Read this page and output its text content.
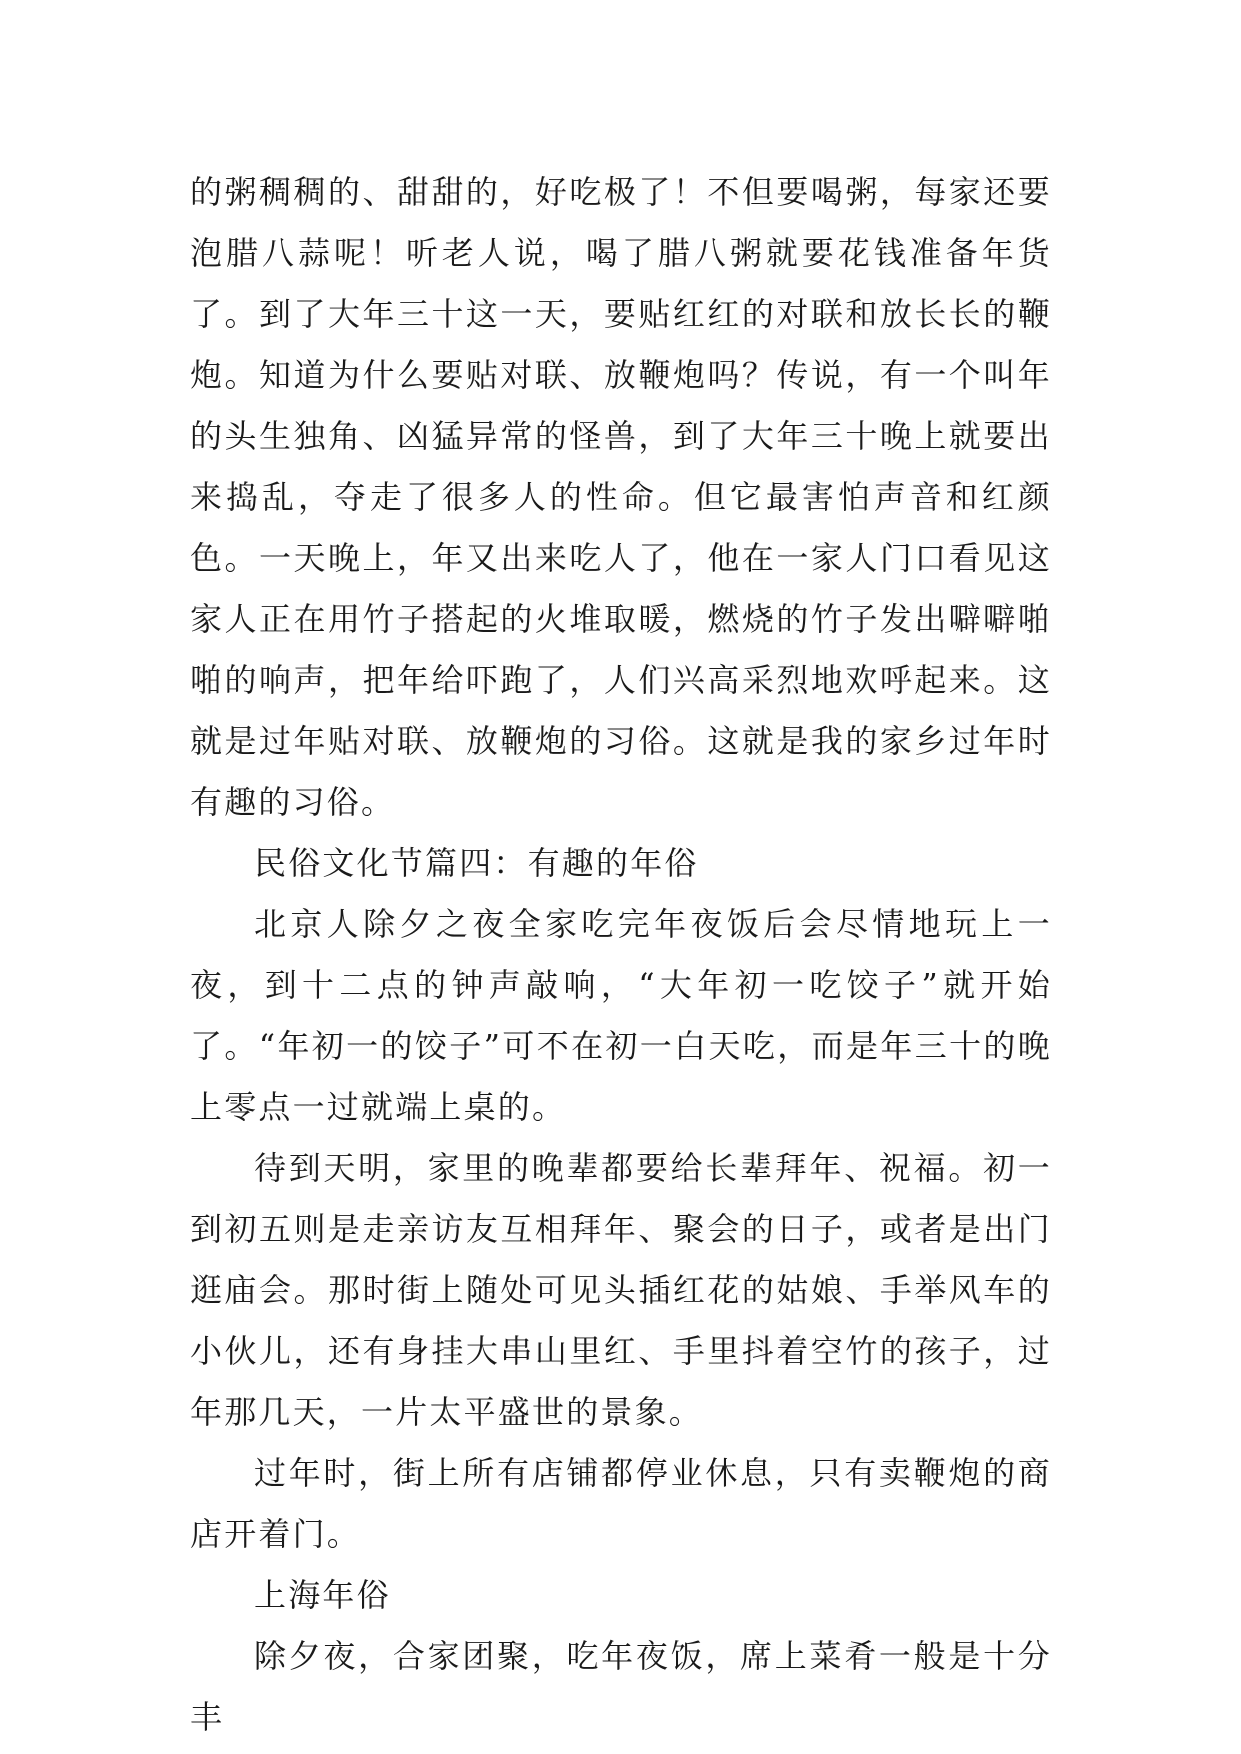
的粥稠稠的、甜甜的，好吃极了！不但要喝粥，每家还要泡腊八蒜呢！听老人说，喝了腊八粥就要花钱准备年货了。到了大年三十这一天，要贴红红的对联和放长长的鞭炮。知道为什么要贴对联、放鞭炮吗？传说，有一个叫年的头生独角、凶猛异常的怪兽，到了大年三十晚上就要出来捣乱，夺走了很多人的性命。但它最害怕声音和红颜色。一天晚上，年又出来吃人了，他在一家人门口看见这家人正在用竹子搭起的火堆取暖，燃烧的竹子发出噼噼啪啪的响声，把年给吓跑了，人们兴高采烈地欢呼起来。这就是过年贴对联、放鞭炮的习俗。这就是我的家乡过年时有趣的习俗。

民俗文化节篇四：有趣的年俗

北京人除夕之夜全家吃完年夜饭后会尽情地玩上一夜，到十二点的钟声敲响，“大年初一吃饺子”就开始了。“年初一的饺子”可不在初一白天吃，而是年三十的晚上零点一过就端上桌的。

待到天明，家里的晚辈都要给长辈拜年、祝福。初一到初五则是走亲访友互相拜年、聚会的日子，或者是出门逛庙会。那时街上随处可见头插红花的姑娘、手举风车的小伙儿，还有身挂大串山里红、手里抖着空竹的孩子，过年那几天，一片太平盛世的景象。

过年时，街上所有店铺都停业休息，只有卖鞭炮的商店开着门。

上海年俗

除夕夜，合家团聚，吃年夜饭，席上菜肴一般是十分丰
